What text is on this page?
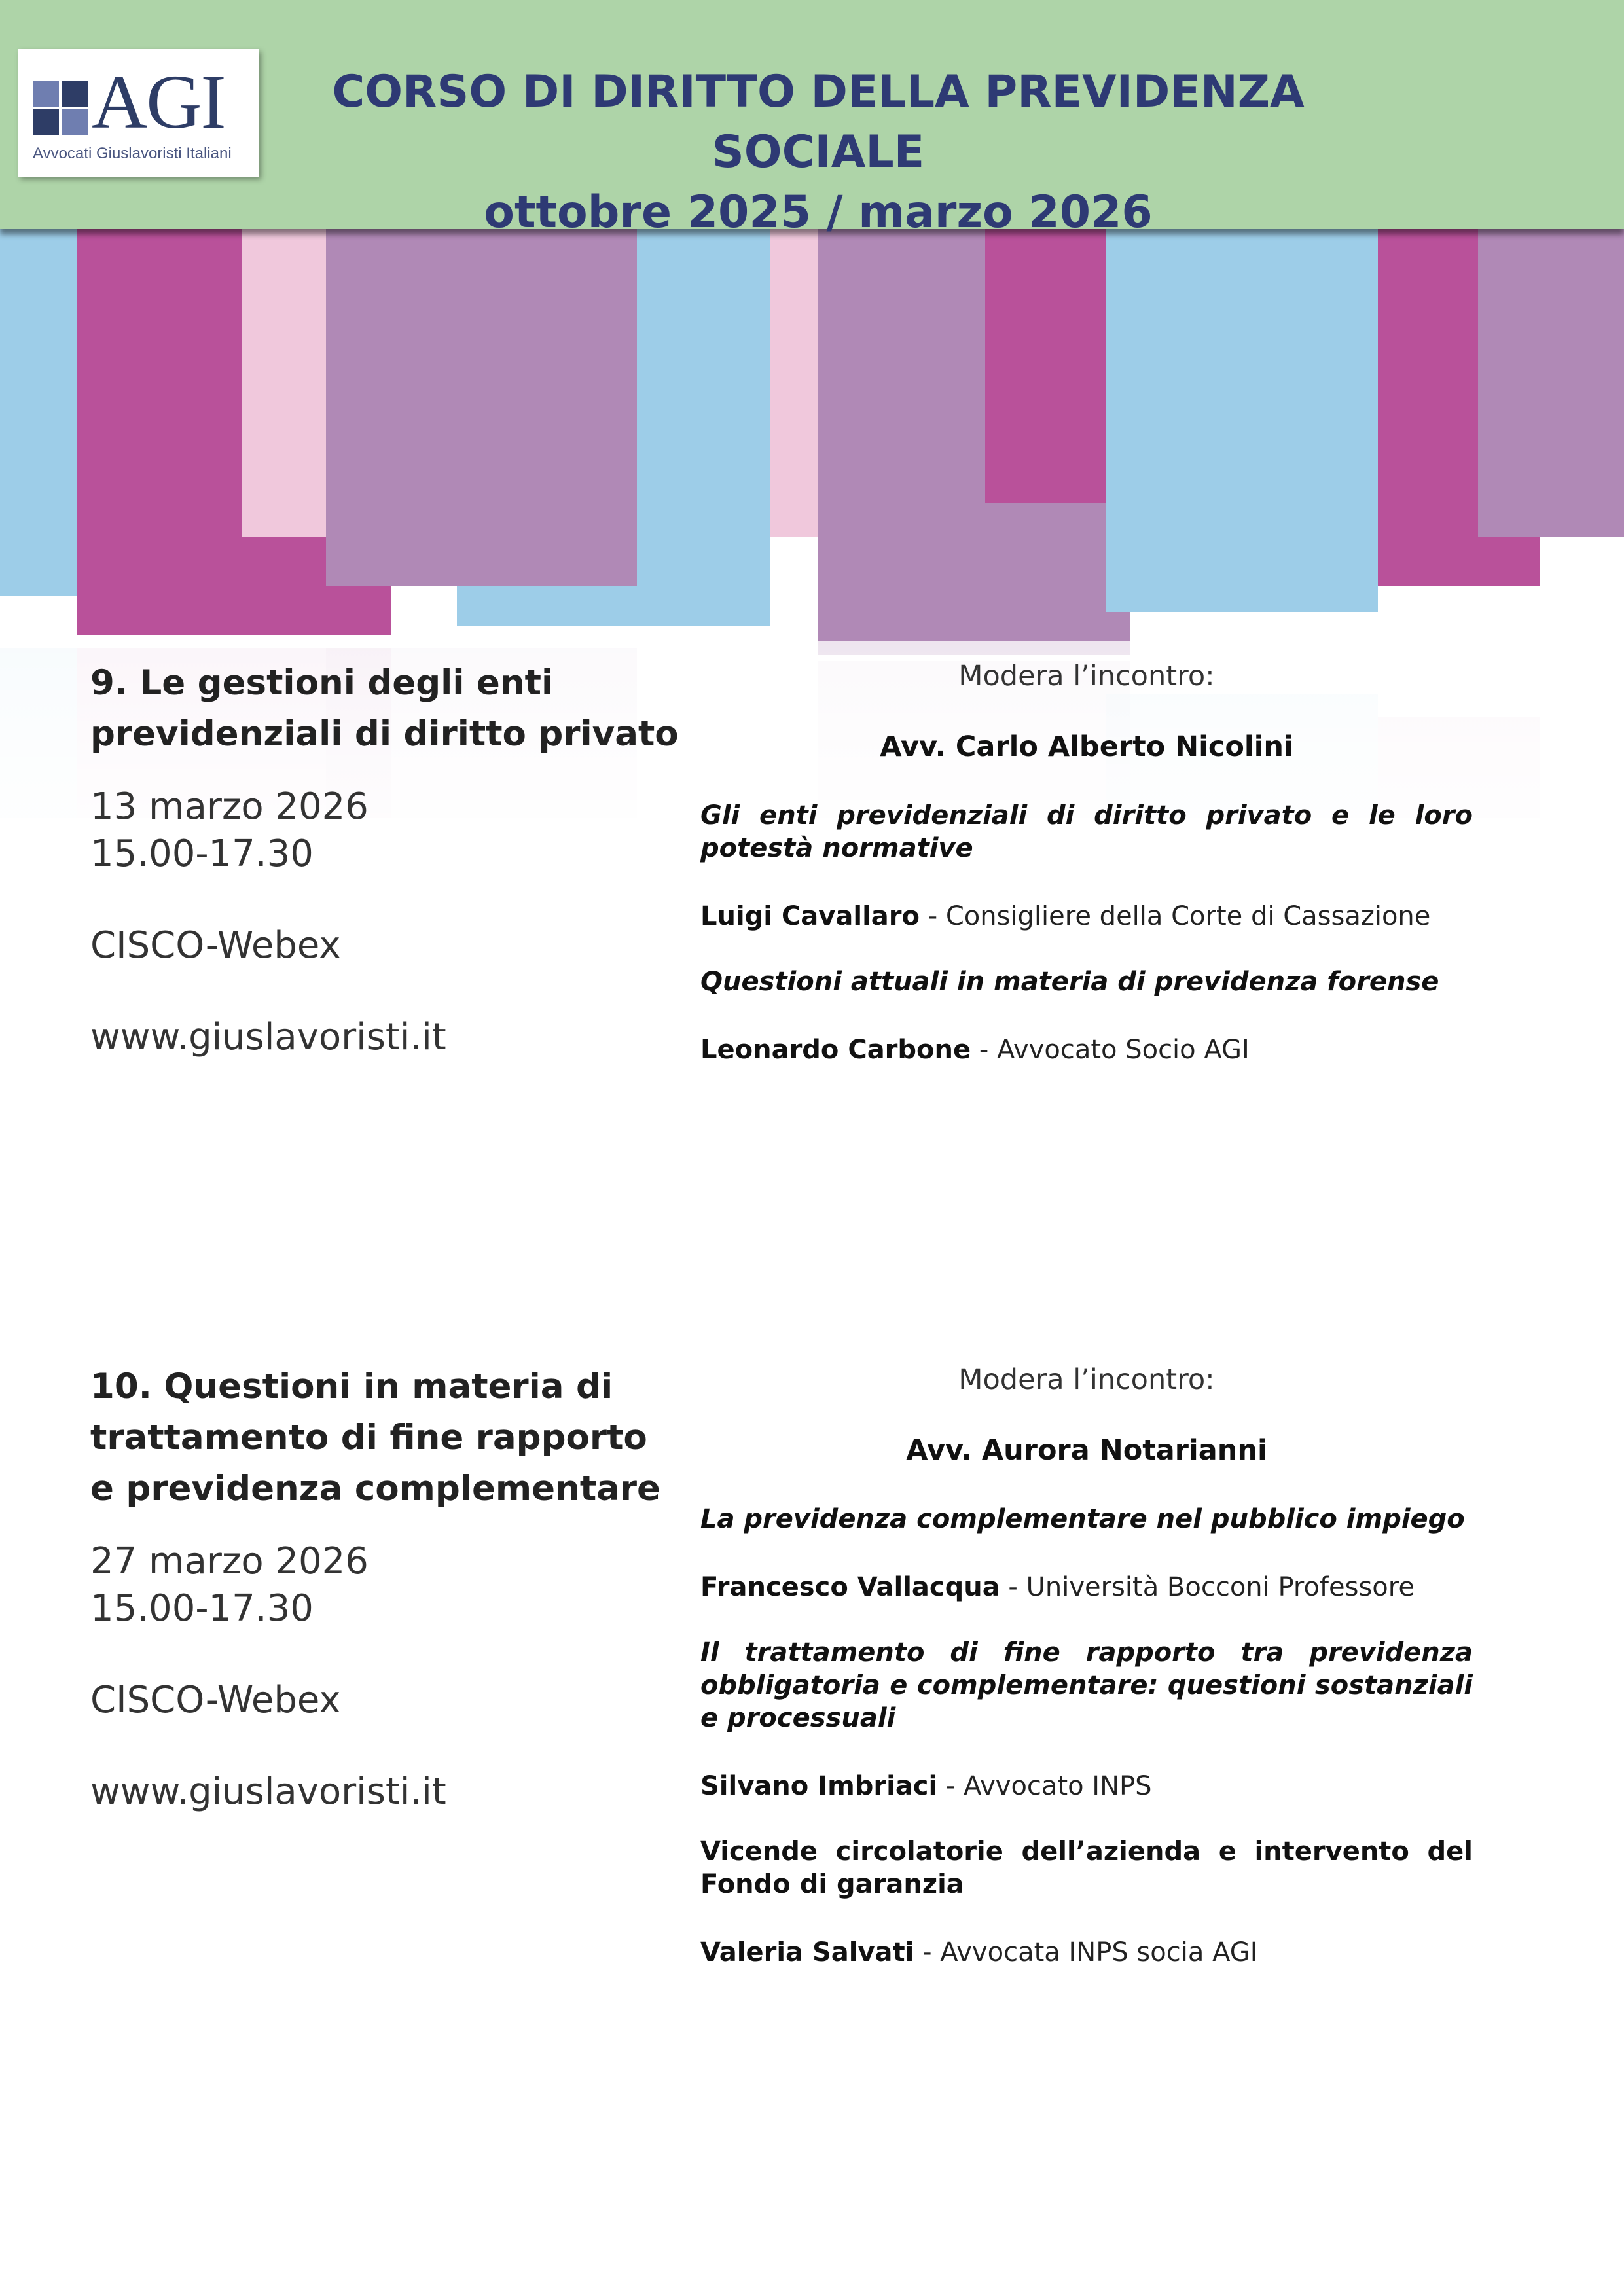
AGI
Avvocati Giuslavoristi Italiani
CORSO DI DIRITTO DELLA PREVIDENZA SOCIALE
ottobre 2025 / marzo 2026
9. Le gestioni degli enti previdenziali di diritto privato
13 marzo 2026
15.00-17.30
CISCO-Webex
www.giuslavoristi.it
Modera l’incontro:
Avv. Carlo Alberto Nicolini
Gli enti previdenziali di diritto privato e le loro potestà normative
Luigi Cavallaro - Consigliere della Corte di Cassazione
Questioni attuali in materia di previdenza forense
Leonardo Carbone - Avvocato Socio AGI
10. Questioni in materia di trattamento di fine rapporto e previdenza complementare
27 marzo 2026
15.00-17.30
CISCO-Webex
www.giuslavoristi.it
Modera l’incontro:
Avv. Aurora Notarianni
La previdenza complementare nel pubblico impiego
Francesco Vallacqua - Università Bocconi Professore
Il trattamento di fine rapporto tra previdenza obbligatoria e complementare: questioni sostanziali e processuali
Silvano Imbriaci - Avvocato INPS
Vicende circolatorie dell’azienda e intervento del Fondo di garanzia
Valeria Salvati - Avvocata INPS socia AGI
